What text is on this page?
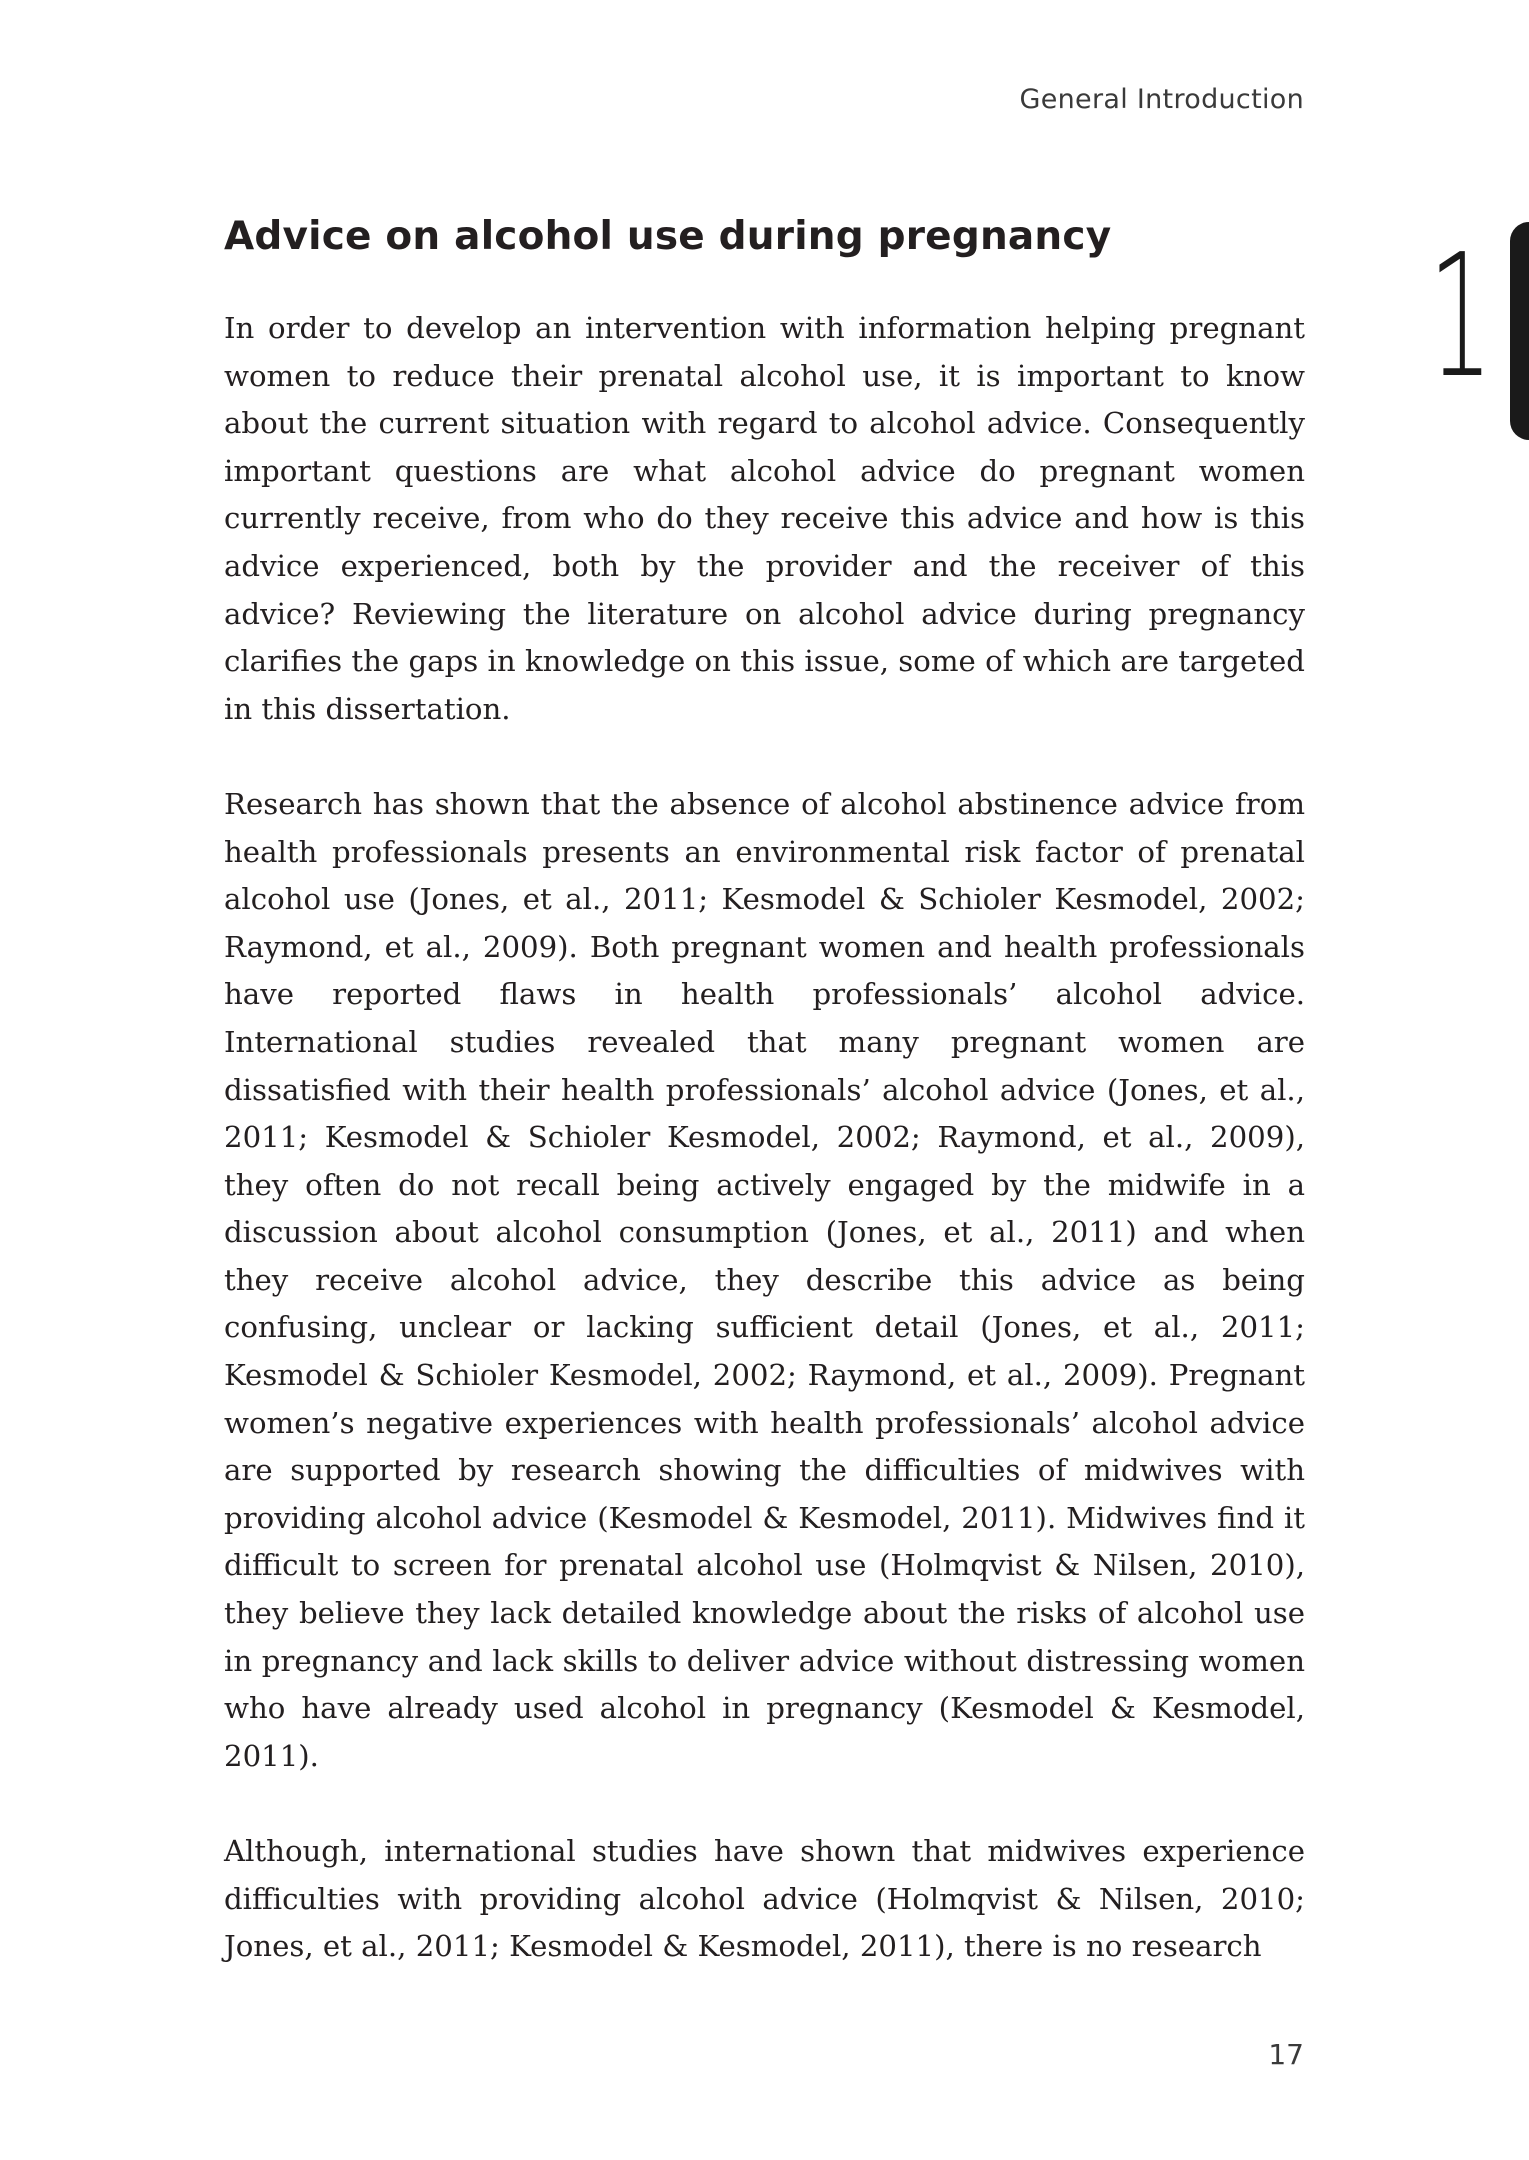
General Introduction
1
Advice on alcohol use during pregnancy

In order to develop an intervention with information helping pregnant women to reduce their prenatal alcohol use, it is important to know about the current situation with regard to alcohol advice. Consequently important questions are what alcohol advice do pregnant women currently receive, from who do they receive this advice and how is this advice experienced, both by the provider and the receiver of this advice? Reviewing the literature on alcohol advice during pregnancy clarifies the gaps in knowledge on this issue, some of which are targeted in this dissertation.

Research has shown that the absence of alcohol abstinence advice from health professionals presents an environmental risk factor of prenatal alcohol use (Jones, et al., 2011; Kesmodel & Schioler Kesmodel, 2002; Raymond, et al., 2009). Both pregnant women and health professionals have reported flaws in health professionals’ alcohol advice. International studies revealed that many pregnant women are dissatisfied with their health professionals’ alcohol advice (Jones, et al., 2011; Kesmodel & Schioler Kesmodel, 2002; Raymond, et al., 2009), they often do not recall being actively engaged by the midwife in a discussion about alcohol consumption (Jones, et al., 2011) and when they receive alcohol advice, they describe this advice as being confusing, unclear or lacking sufficient detail (Jones, et al., 2011; Kesmodel & Schioler Kesmodel, 2002; Raymond, et al., 2009). Pregnant women’s negative experiences with health professionals’ alcohol advice are supported by research showing the difficulties of midwives with providing alcohol advice (Kesmodel & Kesmodel, 2011). Midwives find it difficult to screen for prenatal alcohol use (Holmqvist & Nilsen, 2010), they believe they lack detailed knowledge about the risks of alcohol use in pregnancy and lack skills to deliver advice without distressing women who have already used alcohol in pregnancy (Kesmodel & Kesmodel, 2011).

Although, international studies have shown that midwives experience difficulties with providing alcohol advice (Holmqvist & Nilsen, 2010; Jones, et al., 2011; Kesmodel & Kesmodel, 2011), there is no research

17
